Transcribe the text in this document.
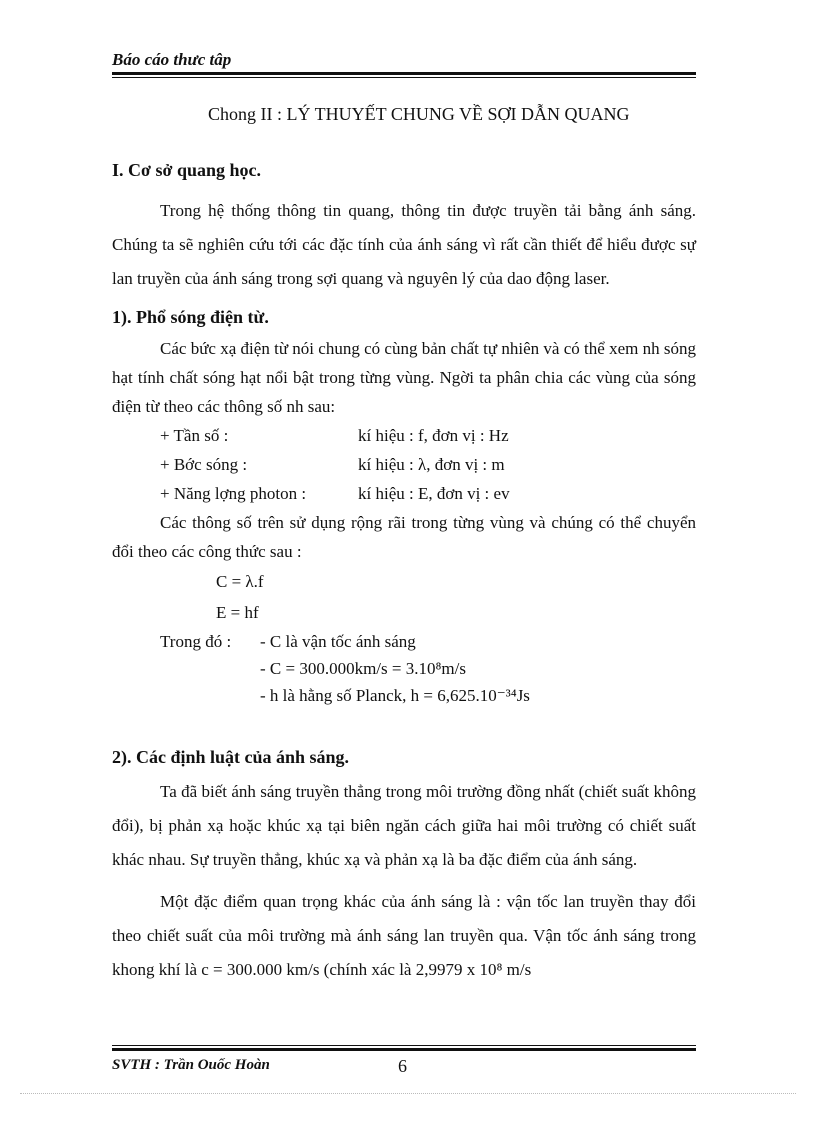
Báo cáo thưc tâp
Chong II : LÝ THUYẾT CHUNG VỀ SỢI DẪN QUANG
I. Cơ sở quang học.

Trong hệ thống thông tin quang, thông tin được truyền tải bằng ánh sáng. Chúng ta sẽ nghiên cứu tới các đặc tính của ánh sáng vì rất cần thiết để hiểu được sự lan truyền của ánh sáng trong sợi quang và nguyên lý của dao động laser.

1). Phổ sóng điện từ.

Các bức xạ điện từ nói chung có cùng bản chất tự nhiên và có thể xem nh sóng hạt tính chất sóng hạt nổi bật trong từng vùng. Ngời ta phân chia các vùng của sóng điện từ theo các thông số nh sau:

+ Tần số :	kí hiệu : f, đơn vị : Hz
+ Bớc sóng :	kí hiệu : λ, đơn vị : m
+ Năng lợng photon :	kí hiệu : E, đơn vị : ev

Các thông số trên sử dụng rộng rãi trong từng vùng và chúng có thể chuyển đổi theo các công thức sau :

C = λ.f
E = hf
Trong đó :	- C là vận tốc ánh sáng
- C = 300.000km/s = 3.10⁸m/s
- h là hằng số Planck, h = 6,625.10⁻³⁴Js
2). Các định luật của ánh sáng.

Ta đã biết ánh sáng truyền thẳng trong môi trường đồng nhất (chiết suất không đổi), bị phản xạ hoặc khúc xạ tại biên ngăn cách giữa hai môi trường có chiết suất khác nhau. Sự truyền thẳng, khúc xạ và phản xạ là ba đặc điểm của ánh sáng.

Một đặc điểm quan trọng khác của ánh sáng là : vận tốc lan truyền thay đổi theo chiết suất của môi trường mà ánh sáng lan truyền qua. Vận tốc ánh sáng trong khong khí là c = 300.000 km/s (chính xác là 2,9979 x 10⁸ m/s

SVTH : Trần Ouốc Hoàn	6
